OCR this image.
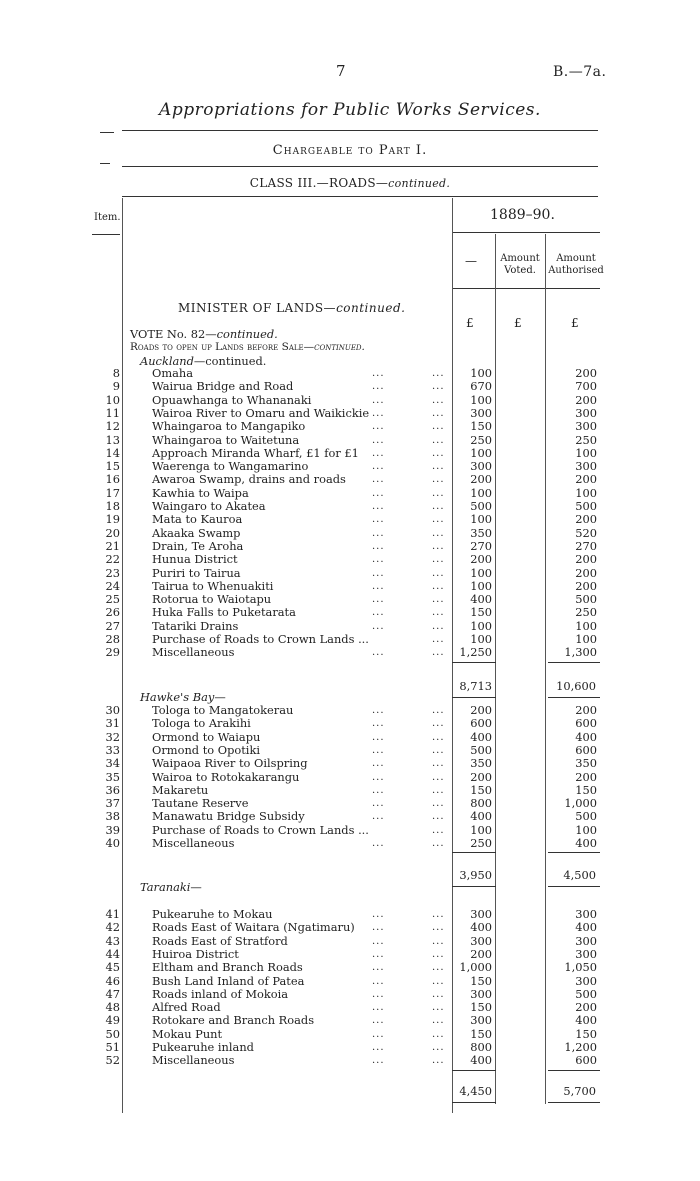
7	B.—7a.
Appropriations for Public Works Services.
Chargeable to Part I.
CLASS III.—ROADS—continued.
Item.	1889–90.
—	Amount Voted.
Amount Authorised
MINISTER OF LANDS—continued.
£	£	£
VOTE No. 82—continued.
Roads to open up Lands before Sale—continued.
Auckland—continued.
8	Omaha	...	...	100	200
9	Wairua Bridge and Road	...	...	670	700
10	Opuawhanga to Whananaki	...	...	100	200
11	Wairoa River to Omaru and Waikickie ...	...	300	300
12	Whaingaroa to Mangapiko	...	...	150	300
13	Whaingaroa to Waitetuna	...	...	250	250
14	Approach Miranda Wharf, £1 for £1 ...	...	100	100
15	Waerenga to Wangamarino	...	...	300	300
16	Awaroa Swamp, drains and roads	...	...	200	200
17	Kawhia to Waipa	...	...	100	100
18	Waingaro to Akatea	...	...	500	500
19	Mata to Kauroa	...	...	100	200
20	Akaaka Swamp	...	...	350	520
21	Drain, Te Aroha	...	...	270	270
22	Hunua District	...	...	200	200
23	Puriri to Tairua	...	...	100	200
24	Tairua to Whenuakiti	...	...	100	200
25	Rotorua to Waiotapu	...	...	400	500
26	Huka Falls to Puketarata	...	...	150	250
27	Tatariki Drains	...	...	100	100
28	Purchase of Roads to Crown Lands ...	...	100	100
29	Miscellaneous	...	...	1,250	1,300
8,713	10,600
Hawke's Bay—
30	Tologa to Mangatokerau	...	...	200	200
31	Tologa to Arakihi	...	...	600	600
32	Ormond to Waiapu	...	...	400	400
33	Ormond to Opotiki	...	...	500	600
34	Waipaoa River to Oilspring	...	...	350	350
35	Wairoa to Rotokakarangu	...	...	200	200
36	Makaretu	...	...	150	150
37	Tautane Reserve	...	...	800	1,000
38	Manawatu Bridge Subsidy	...	...	400	500
39	Purchase of Roads to Crown Lands ...	...	100	100
40	Miscellaneous	...	...	250	400
3,950	4,500
Taranaki—
41	Pukearuhe to Mokau	...	...	300	300
42	Roads East of Waitara (Ngatimaru) ...	...	400	400
43	Roads East of Stratford	...	...	300	300
44	Huiroa District	...	...	200	300
45	Eltham and Branch Roads	...	...	1,000	1,050
46	Bush Land Inland of Patea	...	...	150	300
47	Roads inland of Mokoia	...	...	300	500
48	Alfred Road	...	...	150	200
49	Rotokare and Branch Roads	...	...	300	400
50	Mokau Punt	...	...	150	150
51	Pukearuhe inland	...	...	800	1,200
52	Miscellaneous	...	...	400	600
4,450	5,700
